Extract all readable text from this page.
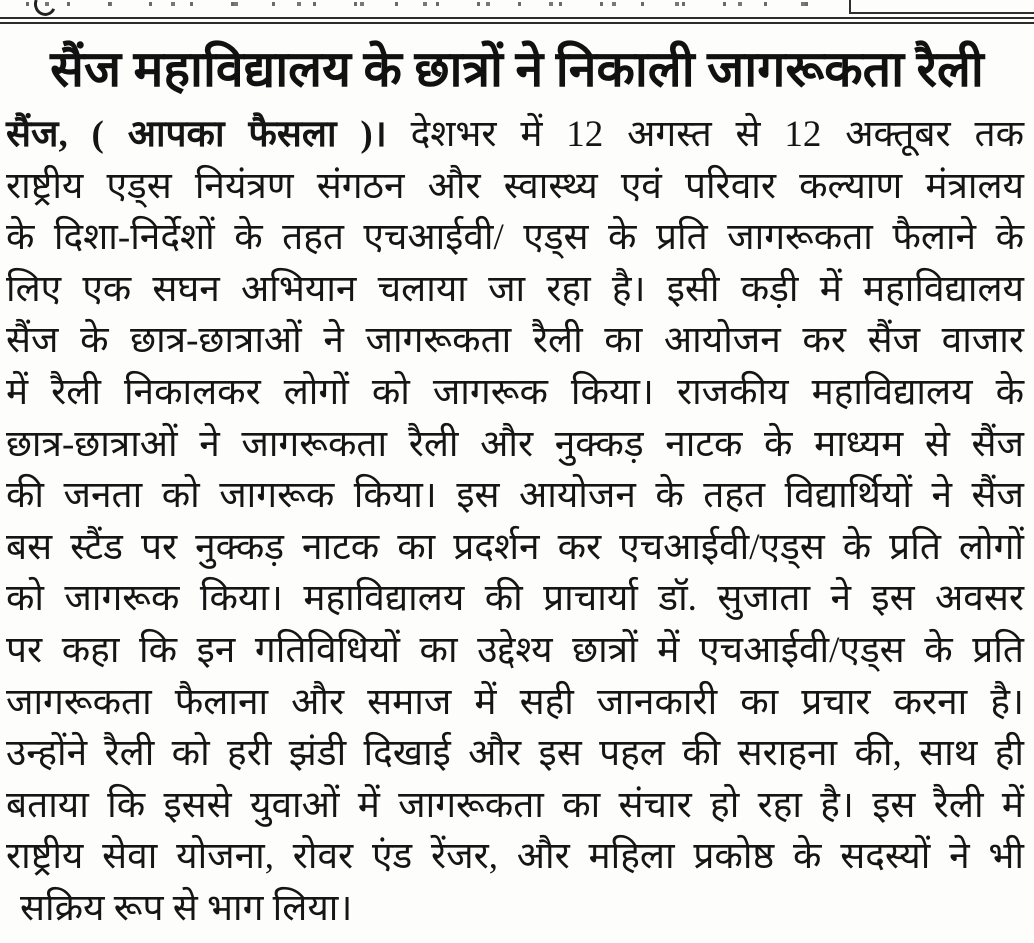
सैंज महाविद्यालय के छात्रों ने निकाली जागरूकता रैली

सैंज, ( आपका फैसला )। देशभर में 12 अगस्त से 12 अक्तूबर तक

राष्ट्रीय एड्स नियंत्रण संगठन और स्वास्थ्य एवं परिवार कल्याण मंत्रालय

के दिशा-निर्देशों के तहत एचआईवी/ एड्स के प्रति जागरूकता फैलाने के

लिए एक सघन अभियान चलाया जा रहा है। इसी कड़ी में महाविद्यालय

सैंज के छात्र-छात्राओं ने जागरूकता रैली का आयोजन कर सैंज वाजार

में रैली निकालकर लोगों को जागरूक किया। राजकीय महाविद्यालय के

छात्र-छात्राओं ने जागरूकता रैली और नुक्कड़ नाटक के माध्यम से सैंज

की जनता को जागरूक किया। इस आयोजन के तहत विद्यार्थियों ने सैंज

बस स्टैंड पर नुक्कड़ नाटक का प्रदर्शन कर एचआईवी/एड्स के प्रति लोगों

को जागरूक किया। महाविद्यालय की प्राचार्या डॉ. सुजाता ने इस अवसर

पर कहा कि इन गतिविधियों का उद्देश्य छात्रों में एचआईवी/एड्स के प्रति

जागरूकता फैलाना और समाज में सही जानकारी का प्रचार करना है।

उन्होंने रैली को हरी झंडी दिखाई और इस पहल की सराहना की, साथ ही

बताया कि इससे युवाओं में जागरूकता का संचार हो रहा है। इस रैली में

राष्ट्रीय सेवा योजना, रोवर एंड रेंजर, और महिला प्रकोष्ठ के सदस्यों ने भी

सक्रिय रूप से भाग लिया।
